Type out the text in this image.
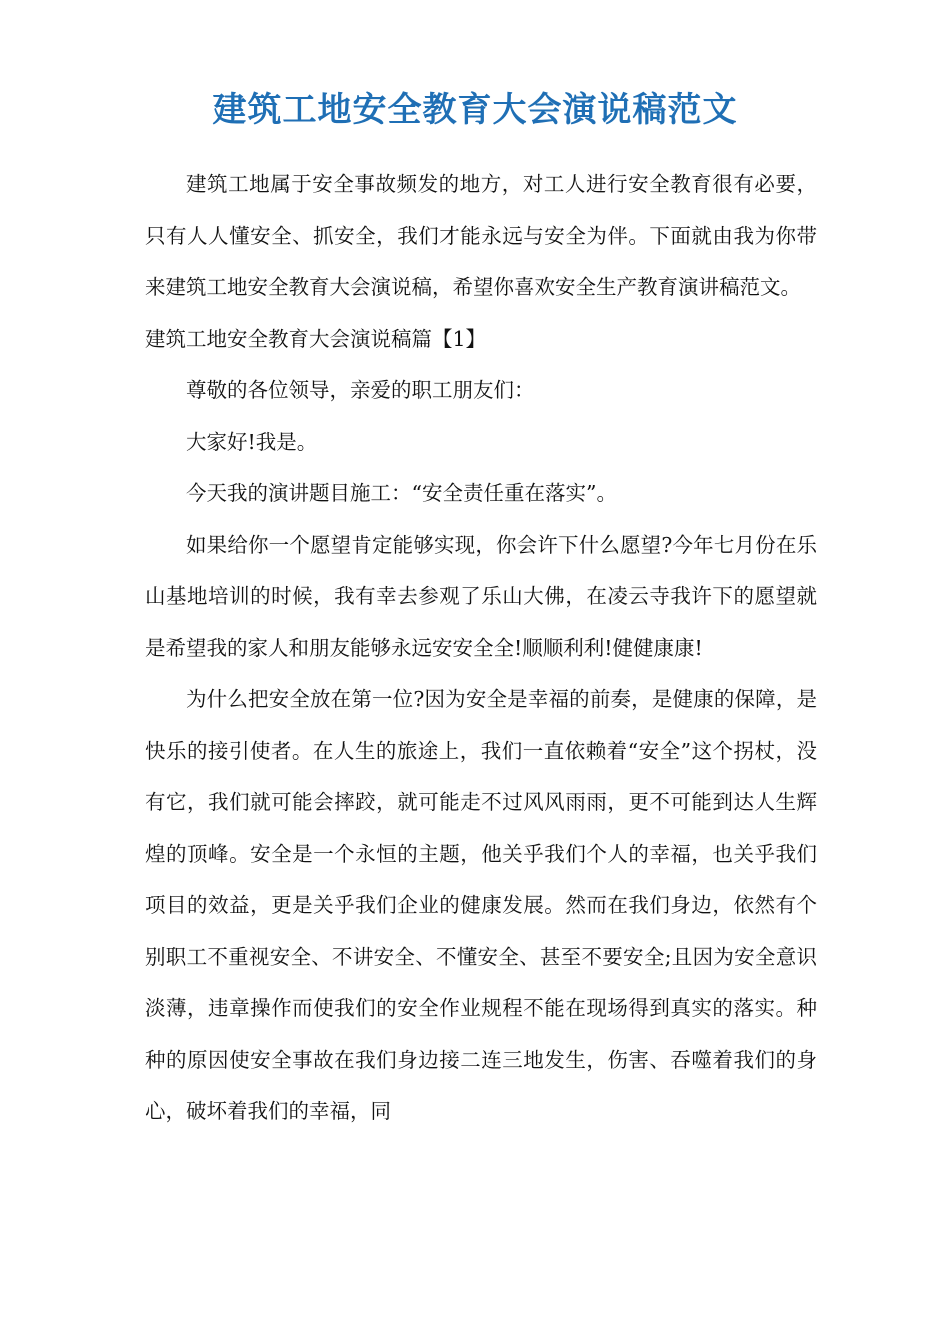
建筑工地安全教育大会演说稿范文

建筑工地属于安全事故频发的地方，对工人进行安全教育很有必要，只有人人懂安全、抓安全，我们才能永远与安全为伴。下面就由我为你带来建筑工地安全教育大会演说稿，希望你喜欢安全生产教育演讲稿范文。

建筑工地安全教育大会演说稿篇【1】

尊敬的各位领导，亲爱的职工朋友们：

大家好!我是。

今天我的演讲题目施工：“安全责任重在落实”。

如果给你一个愿望肯定能够实现，你会许下什么愿望?今年七月份在乐山基地培训的时候，我有幸去参观了乐山大佛，在凌云寺我许下的愿望就是希望我的家人和朋友能够永远安安全全!顺顺利利!健健康康!

为什么把安全放在第一位?因为安全是幸福的前奏，是健康的保障，是快乐的接引使者。在人生的旅途上，我们一直依赖着“安全”这个拐杖，没有它，我们就可能会摔跤，就可能走不过风风雨雨，更不可能到达人生辉煌的顶峰。安全是一个永恒的主题，他关乎我们个人的幸福，也关乎我们项目的效益，更是关乎我们企业的健康发展。然而在我们身边，依然有个别职工不重视安全、不讲安全、不懂安全、甚至不要安全;且因为安全意识淡薄，违章操作而使我们的安全作业规程不能在现场得到真实的落实。种种的原因使安全事故在我们身边接二连三地发生，伤害、吞噬着我们的身心，破坏着我们的幸福，同
